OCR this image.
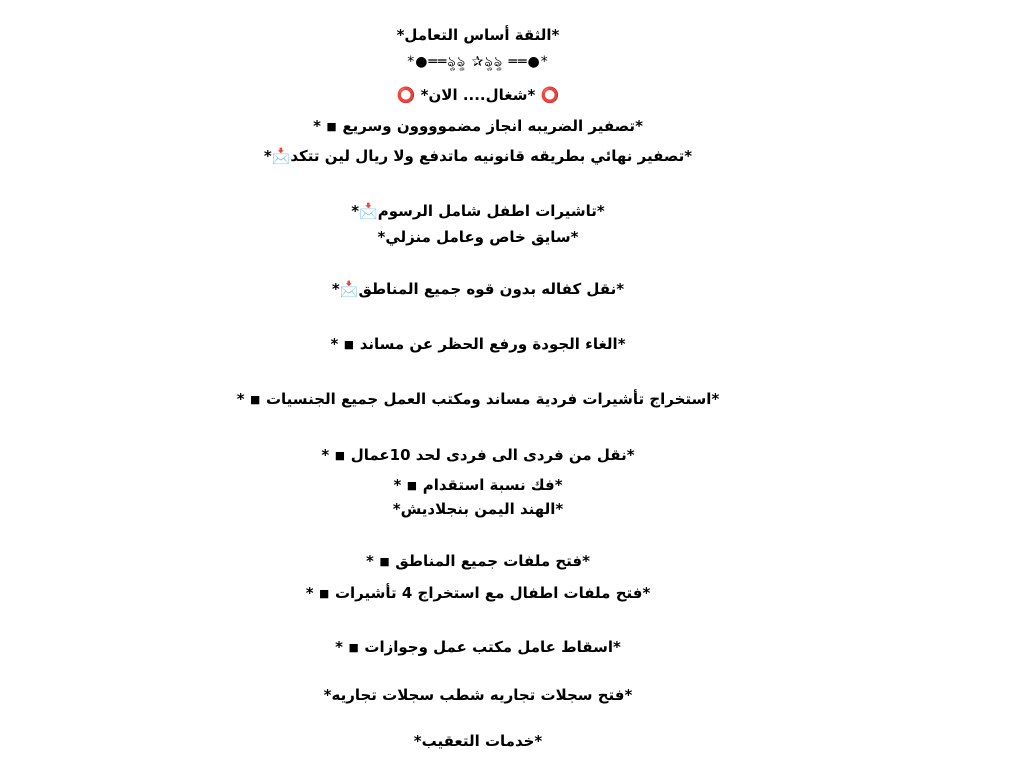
*الثقة أساس التعامل*
*●══ৡৡ ✰ৡৡ ══●*
⭕ *شغال.... الان* ⭕
*تصفير الضريبه انجاز مضموووون وسريع ◾ *
*تصفير نهائي بطريقه قانونيه ماتدفع ولا ريال لين تتكد📩*
*تاشيرات اطفل شامل الرسوم📩*
*سايق خاص وعامل منزلي*
*نقل كفاله بدون قوه جميع المناطق📩*
*الغاء الجودة ورفع الحظر عن مساند ◾ *
*استخراج تأشيرات فردية مساند ومكتب العمل جميع الجنسيات ◾ *
*نقل من فردى الى فردى لحد 10عمال ◾ *
*فك نسبة استقدام ◾ *
*الهند اليمن بنجلاديش*
*فتح ملفات جميع المناطق ◾ *
*فتح ملفات اطفال مع استخراج 4 تأشيرات ◾ *
*اسقاط عامل مكتب عمل وجوازات ◾ *
*فتح سجلات تجاريه شطب سجلات تجاريه*
*خدمات التعقيب*
